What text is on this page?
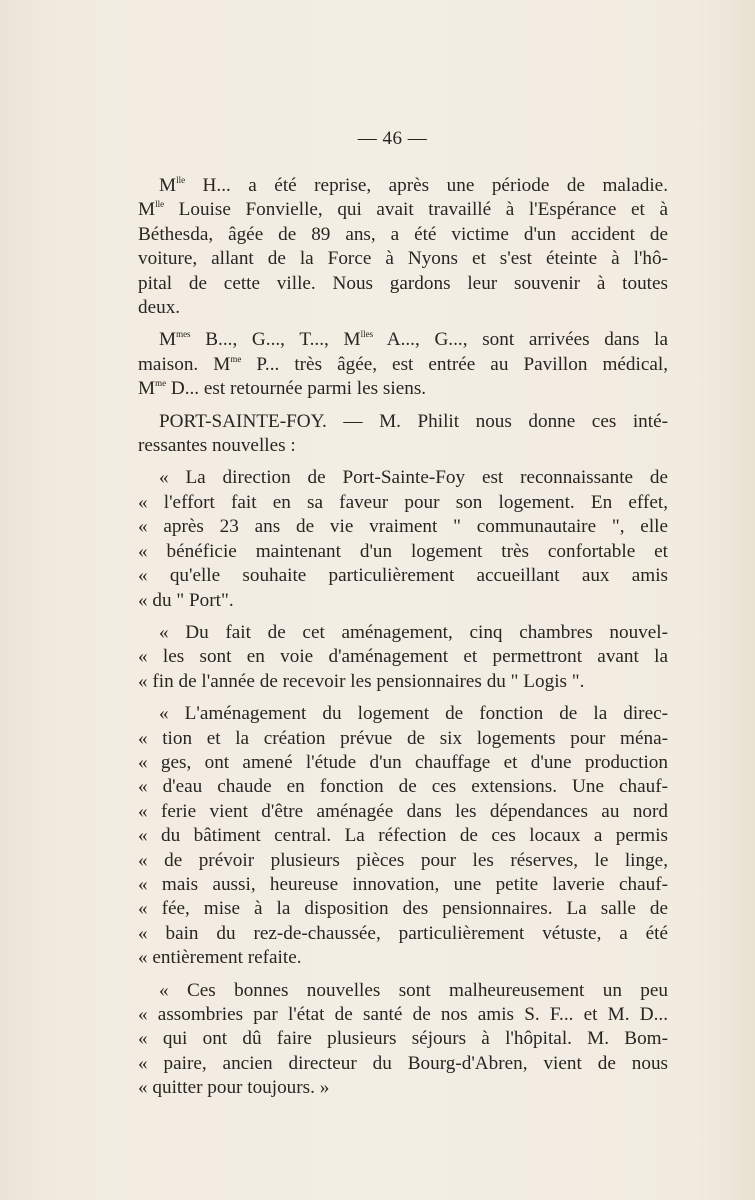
— 46 —
$M^{lle}$ H... a été reprise, après une période de maladie.
$M^{lle}$ Louise Fonvielle, qui avait travaillé à l'Espérance et à
Béthesda, âgée de 89 ans, a été victime d'un accident de
voiture, allant de la Force à Nyons et s'est éteinte à l'hô-
pital de cette ville. Nous gardons leur souvenir à toutes
deux.
$M^{mes}$ B..., G..., T..., $M^{lles}$ A..., G..., sont arrivées dans la
maison. $M^{me}$ P... très âgée, est entrée au Pavillon médical,
$M^{me}$ D... est retournée parmi les siens.
PORT-SAINTE-FOY. — M. Philit nous donne ces inté-
ressantes nouvelles :
« La direction de Port-Sainte-Foy est reconnaissante de
« l'effort fait en sa faveur pour son logement. En effet,
« après 23 ans de vie vraiment " communautaire ", elle
« bénéficie maintenant d'un logement très confortable et
« qu'elle souhaite particulièrement accueillant aux amis
« du " Port".
« Du fait de cet aménagement, cinq chambres nouvel-
« les sont en voie d'aménagement et permettront avant la
« fin de l'année de recevoir les pensionnaires du " Logis ".
« L'aménagement du logement de fonction de la direc-
« tion et la création prévue de six logements pour ména-
« ges, ont amené l'étude d'un chauffage et d'une production
« d'eau chaude en fonction de ces extensions. Une chauf-
« ferie vient d'être aménagée dans les dépendances au nord
« du bâtiment central. La réfection de ces locaux a permis
« de prévoir plusieurs pièces pour les réserves, le linge,
« mais aussi, heureuse innovation, une petite laverie chauf-
« fée, mise à la disposition des pensionnaires. La salle de
« bain du rez-de-chaussée, particulièrement vétuste, a été
« entièrement refaite.
« Ces bonnes nouvelles sont malheureusement un peu
« assombries par l'état de santé de nos amis S. F... et M. D...
« qui ont dû faire plusieurs séjours à l'hôpital. M. Bom-
« paire, ancien directeur du Bourg-d'Abren, vient de nous
« quitter pour toujours. »
